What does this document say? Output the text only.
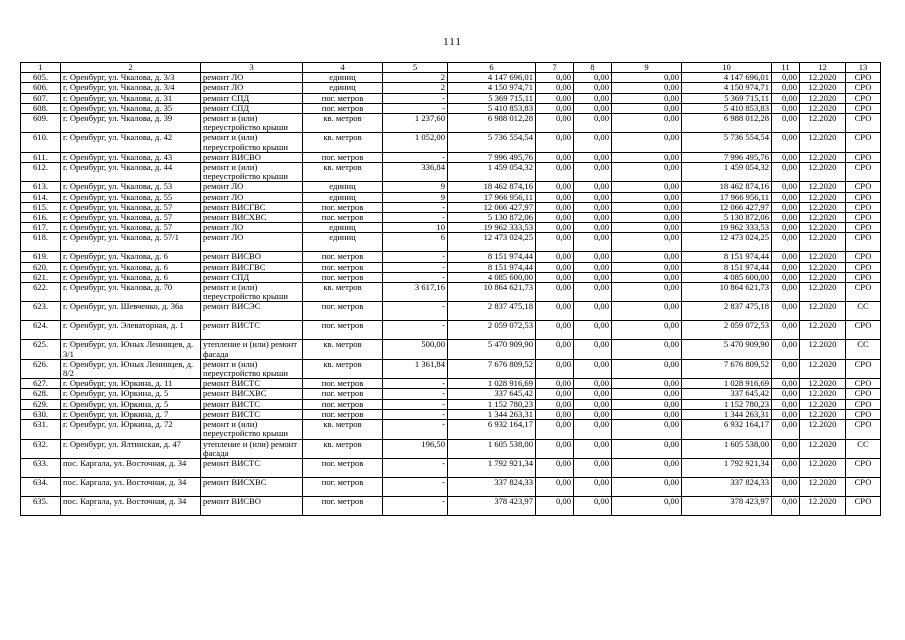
111
1	2	3	4	5	6	7	8	9	10	11	12	13
605.	г. Оренбург, ул. Чкалова, д. 3/3	ремонт ЛО	единиц	2	4 147 696,01	0,00	0,00	0,00	4 147 696,01	0,00	12.2020	СРО
606.	г. Оренбург, ул. Чкалова, д. 3/4	ремонт ЛО	единиц	2	4 150 974,71	0,00	0,00	0,00	4 150 974,71	0,00	12.2020	СРО
607.	г. Оренбург, ул. Чкалова, д. 31	ремонт СПД	пог. метров	-	5 369 715,11	0,00	0,00	0,00	5 369 715,11	0,00	12.2020	СРО
608.	г. Оренбург, ул. Чкалова, д. 35	ремонт СПД	пог. метров	-	5 410 853,83	0,00	0,00	0,00	5 410 853,83	0,00	12.2020	СРО
609.	г. Оренбург, ул. Чкалова, д. 39	ремонт и (или) переустройство крыши	кв. метров	1 237,60	6 988 012,28	0,00	0,00	0,00	6 988 012,28	0,00	12.2020	СРО
610.	г. Оренбург, ул. Чкалова, д. 42	ремонт и (или) переустройство крыши	кв. метров	1 052,00	5 736 554,54	0,00	0,00	0,00	5 736 554,54	0,00	12.2020	СРО
611.	г. Оренбург, ул. Чкалова, д. 43	ремонт ВИСВО	пог. метров	-	7 996 495,76	0,00	0,00	0,00	7 996 495,76	0,00	12.2020	СРО
612.	г. Оренбург, ул. Чкалова, д. 44	ремонт и (или) переустройство крыши	кв. метров	336,84	1 459 054,32	0,00	0,00	0,00	1 459 054,32	0,00	12.2020	СРО
613.	г. Оренбург, ул. Чкалова, д. 53	ремонт ЛО	единиц	9	18 462 874,16	0,00	0,00	0,00	18 462 874,16	0,00	12.2020	СРО
614.	г. Оренбург, ул. Чкалова, д. 55	ремонт ЛО	единиц	9	17 966 956,11	0,00	0,00	0,00	17 966 956,11	0,00	12.2020	СРО
615.	г. Оренбург, ул. Чкалова, д. 57	ремонт ВИСГВС	пог. метров	-	12 066 427,97	0,00	0,00	0,00	12 066 427,97	0,00	12.2020	СРО
616.	г. Оренбург, ул. Чкалова, д. 57	ремонт ВИСХВС	пог. метров	-	5 130 872,06	0,00	0,00	0,00	5 130 872,06	0,00	12.2020	СРО
617.	г. Оренбург, ул. Чкалова, д. 57	ремонт ЛО	единиц	10	19 962 333,53	0,00	0,00	0,00	19 962 333,53	0,00	12.2020	СРО
618.	г. Оренбург, ул. Чкалова, д. 57/1	ремонт ЛО	единиц	6	12 473 024,25	0,00	0,00	0,00	12 473 024,25	0,00	12.2020	СРО
619.	г. Оренбург, ул. Чкалова, д. 6	ремонт ВИСВО	пог. метров	-	8 151 974,44	0,00	0,00	0,00	8 151 974,44	0,00	12.2020	СРО
620.	г. Оренбург, ул. Чкалова, д. 6	ремонт ВИСГВС	пог. метров	-	8 151 974,44	0,00	0,00	0,00	8 151 974,44	0,00	12.2020	СРО
621.	г. Оренбург, ул. Чкалова, д. 6	ремонт СПД	пог. метров	-	4 085 600,00	0,00	0,00	0,00	4 085 600,00	0,00	12.2020	СРО
622.	г. Оренбург, ул. Чкалова, д. 70	ремонт и (или) переустройство крыши	кв. метров	3 617,16	10 864 621,73	0,00	0,00	0,00	10 864 621,73	0,00	12.2020	СРО
623.	г. Оренбург, ул. Шевченко, д. 36а	ремонт ВИСЭС	пог. метров	-	2 837 475,18	0,00	0,00	0,00	2 837 475,18	0,00	12.2020	СС
624.	г. Оренбург, ул. Элеваторная, д. 1	ремонт ВИСТС	пог. метров	-	2 059 072,53	0,00	0,00	0,00	2 059 072,53	0,00	12.2020	СРО
625.	г. Оренбург, ул. Юных Ленинцев, д. 3/1	утепление и (или) ремонт фасада	кв. метров	500,00	5 470 909,90	0,00	0,00	0,00	5 470 909,90	0,00	12.2020	СС
626.	г. Оренбург, ул. Юных Ленинцев, д. 8/2	ремонт и (или) переустройство крыши	кв. метров	1 361,84	7 676 809,52	0,00	0,00	0,00	7 676 809,52	0,00	12.2020	СРО
627.	г. Оренбург, ул. Юркина, д. 11	ремонт ВИСТС	пог. метров	-	1 028 916,69	0,00	0,00	0,00	1 028 916,69	0,00	12.2020	СРО
628.	г. Оренбург, ул. Юркина, д. 5	ремонт ВИСХВС	пог. метров	-	337 645,42	0,00	0,00	0,00	337 645,42	0,00	12.2020	СРО
629.	г. Оренбург, ул. Юркина, д. 5	ремонт ВИСТС	пог. метров	-	1 152 780,23	0,00	0,00	0,00	1 152 780,23	0,00	12.2020	СРО
630.	г. Оренбург, ул. Юркина, д. 7	ремонт ВИСТС	пог. метров	-	1 344 263,31	0,00	0,00	0,00	1 344 263,31	0,00	12.2020	СРО
631.	г. Оренбург, ул. Юркина, д. 72	ремонт и (или) переустройство крыши	кв. метров	-	6 932 164,17	0,00	0,00	0,00	6 932 164,17	0,00	12.2020	СРО
632.	г. Оренбург, ул. Ялтинская, д. 47	утепление и (или) ремонт фасада	кв. метров	196,50	1 605 538,00	0,00	0,00	0,00	1 605 538,00	0,00	12.2020	СС
633.	пос. Каргала, ул. Восточная, д. 34	ремонт ВИСТС	пог. метров	-	1 792 921,34	0,00	0,00	0,00	1 792 921,34	0,00	12.2020	СРО
634.	пос. Каргала, ул. Восточная, д. 34	ремонт ВИСХВС	пог. метров	-	337 824,33	0,00	0,00	0,00	337 824,33	0,00	12.2020	СРО
635.	пос. Каргала, ул. Восточная, д. 34	ремонт ВИСВО	пог. метров	-	378 423,97	0,00	0,00	0,00	378 423,97	0,00	12.2020	СРО
